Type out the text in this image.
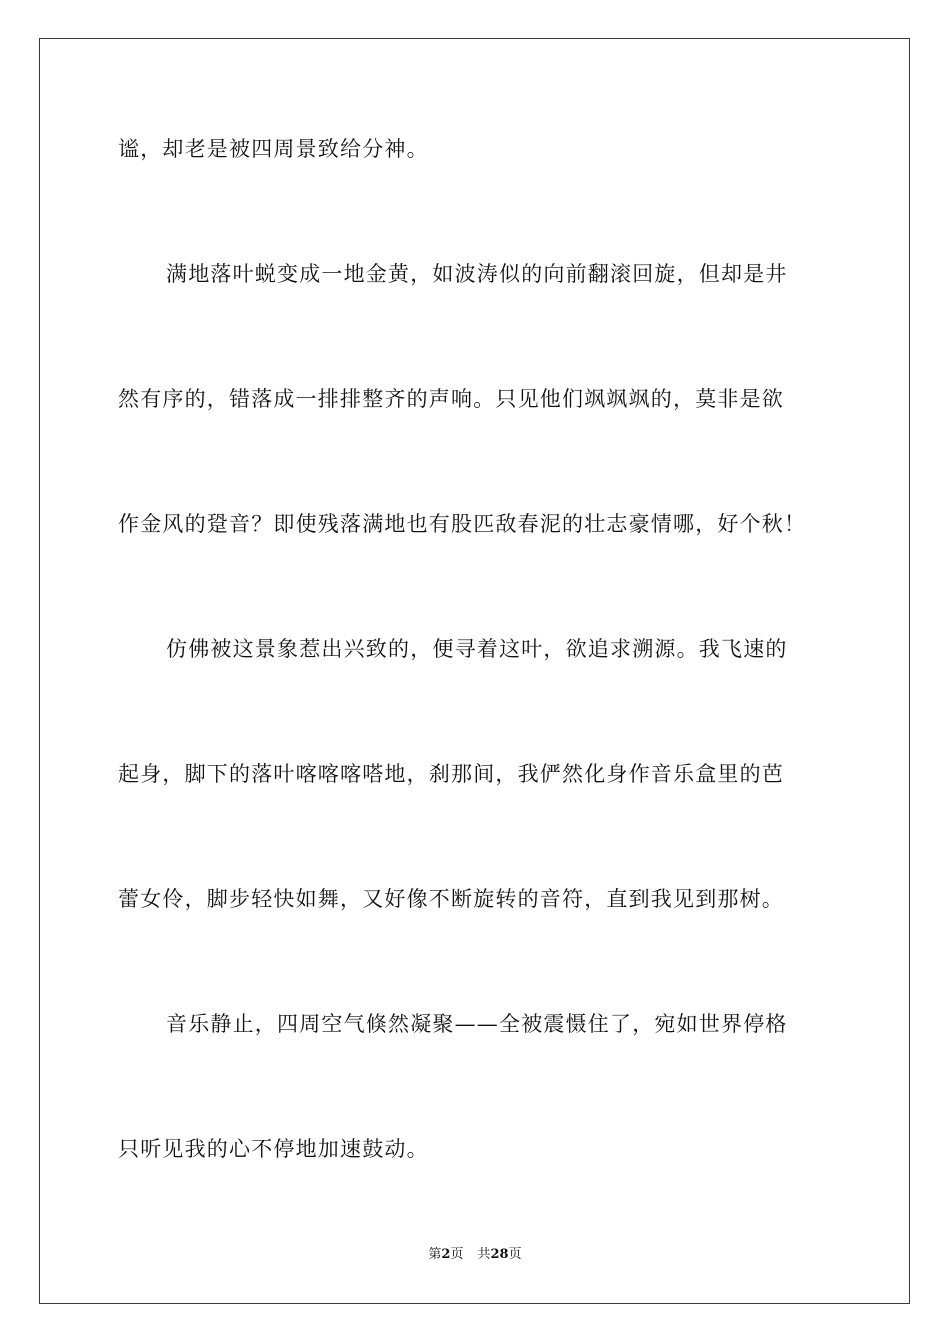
谧，却老是被四周景致给分神。
满地落叶蜕变成一地金黄，如波涛似的向前翻滚回旋，但却是井
然有序的，错落成一排排整齐的声响。只见他们飒飒飒的，莫非是欲
作金风的跫音？即使残落满地也有股匹敌春泥的壮志豪情哪，好个秋！
仿佛被这景象惹出兴致的，便寻着这叶，欲追求溯源。我飞速的
起身，脚下的落叶喀喀喀嗒地，刹那间，我俨然化身作音乐盒里的芭
蕾女伶，脚步轻快如舞，又好像不断旋转的音符，直到我见到那树。
音乐静止，四周空气倏然凝聚——全被震慑住了，宛如世界停格
只听见我的心不停地加速鼓动。
第2页 共28页
